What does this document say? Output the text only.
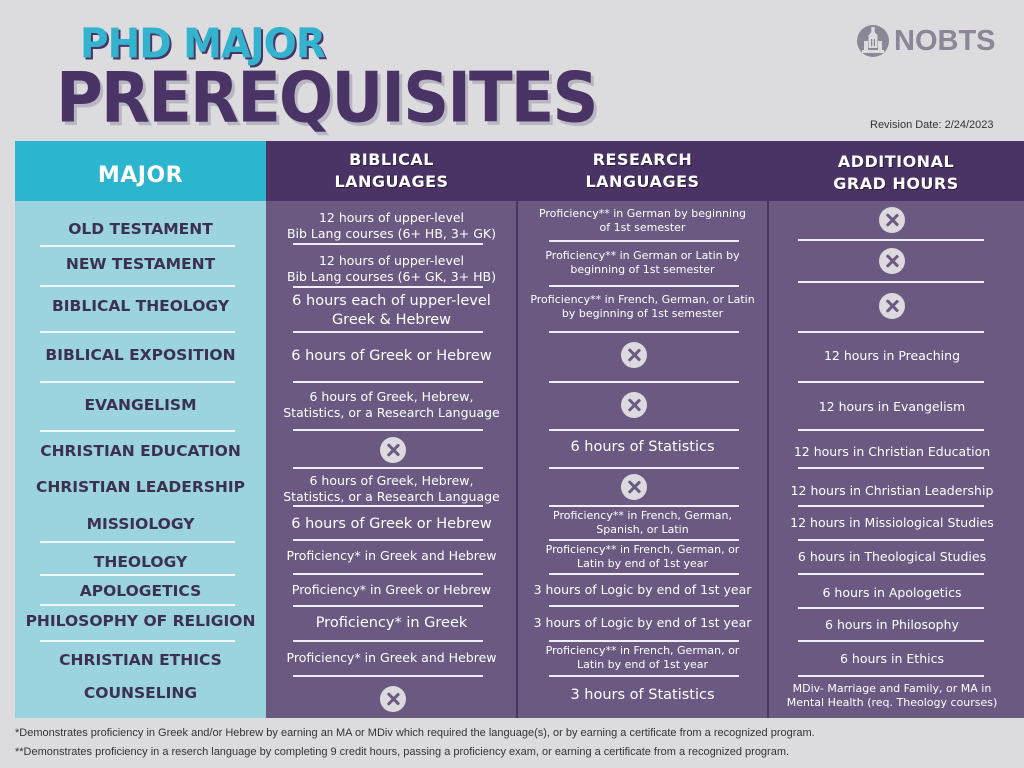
PHD MAJOR
PREREQUISITES
NOBTS
Revision Date: 2/24/2023
MAJOR
BIBLICAL
LANGUAGES
RESEARCH
LANGUAGES
ADDITIONAL
GRAD HOURS
OLD TESTAMENT
NEW TESTAMENT
BIBLICAL THEOLOGY
BIBLICAL EXPOSITION
EVANGELISM
CHRISTIAN EDUCATION
CHRISTIAN LEADERSHIP
MISSIOLOGY
THEOLOGY
APOLOGETICS
PHILOSOPHY OF RELIGION
CHRISTIAN ETHICS
COUNSELING
12 hours of upper-level
Bib Lang courses (6+ HB, 3+ GK)
12 hours of upper-level
Bib Lang courses (6+ GK, 3+ HB)
6 hours each of upper-level
Greek & Hebrew
6 hours of Greek or Hebrew
6 hours of Greek, Hebrew,
Statistics, or a Research Language
6 hours of Greek, Hebrew,
Statistics, or a Research Language
6 hours of Greek or Hebrew
Proficiency* in Greek and Hebrew
Proficiency* in Greek or Hebrew
Proficiency* in Greek
Proficiency* in Greek and Hebrew
Proficiency** in German by beginning
of 1st semester
Proficiency** in German or Latin by
beginning of 1st semester
Proficiency** in French, German, or Latin
by beginning of 1st semester
6 hours of Statistics
Proficiency** in French, German,
Spanish, or Latin
Proficiency** in French, German, or
Latin by end of 1st year
3 hours of Logic by end of 1st year
3 hours of Logic by end of 1st year
Proficiency** in French, German, or
Latin by end of 1st year
3 hours of Statistics
12 hours in Preaching
12 hours in Evangelism
12 hours in Christian Education
12 hours in Christian Leadership
12 hours in Missiological Studies
6 hours in Theological Studies
6 hours in Apologetics
6 hours in Philosophy
6 hours in Ethics
MDiv- Marriage and Family, or MA in
Mental Health (req. Theology courses)
*Demonstrates proficiency in Greek and/or Hebrew by earning an MA or MDiv which required the language(s), or by earning a certificate from a recognized program.
**Demonstrates proficiency in a reserch language by completing 9 credit hours, passing a proficiency exam, or earning a certificate from a recognized program.
